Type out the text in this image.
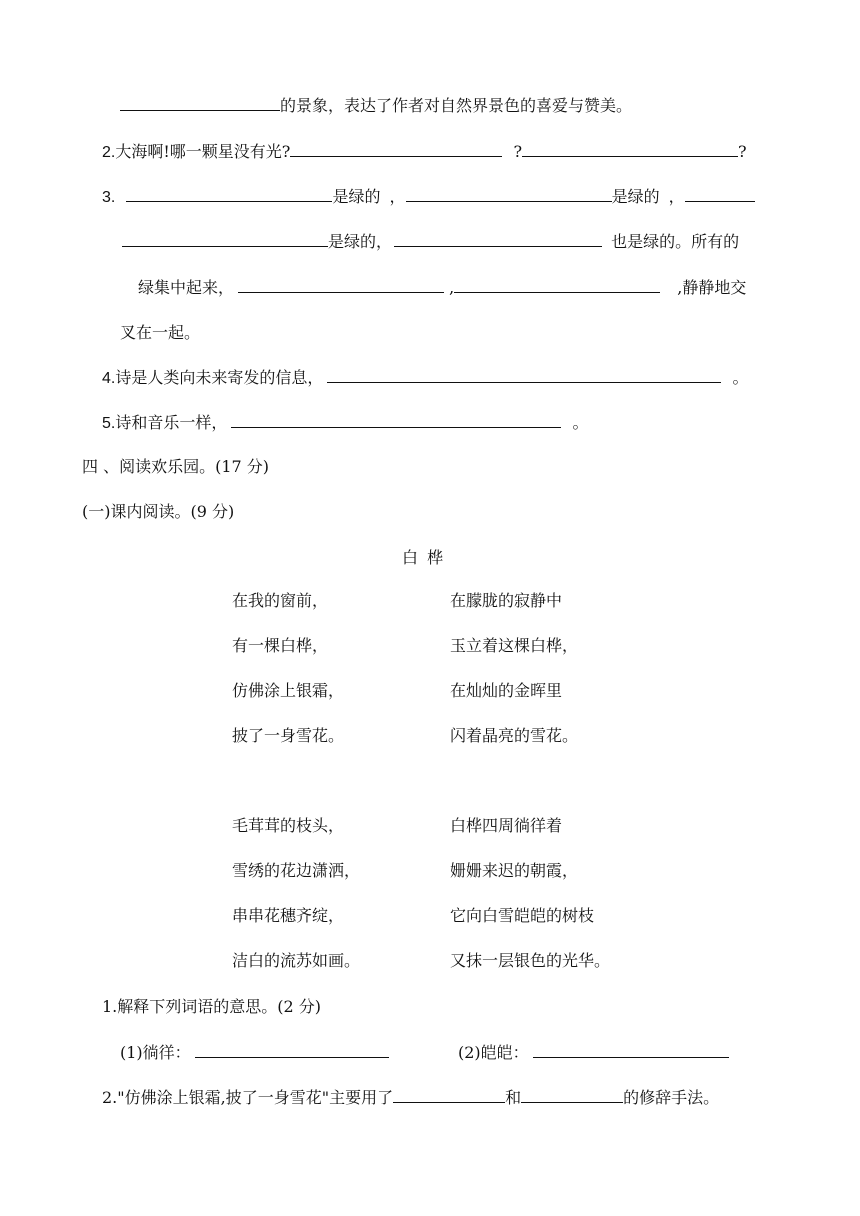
的景象，表达了作者对自然界景色的喜爱与赞美。
2.大海啊!哪一颗星没有光?	?	?
3.	是绿的 ，	是绿的 ，
是绿的，	也是绿的。所有的
绿集中起来，	,	,静静地交
叉在一起。
4.诗是人类向未来寄发的信息，	。
5.诗和音乐一样，	。
四 、阅读欢乐园。(17 分)
(一)课内阅读。(9 分)
白 桦
在我的窗前，
有一棵白桦，
仿佛涂上银霜，
披了一身雪花。
在朦胧的寂静中
玉立着这棵白桦，
在灿灿的金晖里
闪着晶亮的雪花。
毛茸茸的枝头，
雪绣的花边潇洒，
串串花穗齐绽，
洁白的流苏如画。
白桦四周徜徉着
姗姗来迟的朝霞，
它向白雪皑皑的树枝
又抹一层银色的光华。
1.解释下列词语的意思。(2 分)
(1)徜徉：	(2)皑皑：
2."仿佛涂上银霜,披了一身雪花"主要用了	和	的修辞手法。
